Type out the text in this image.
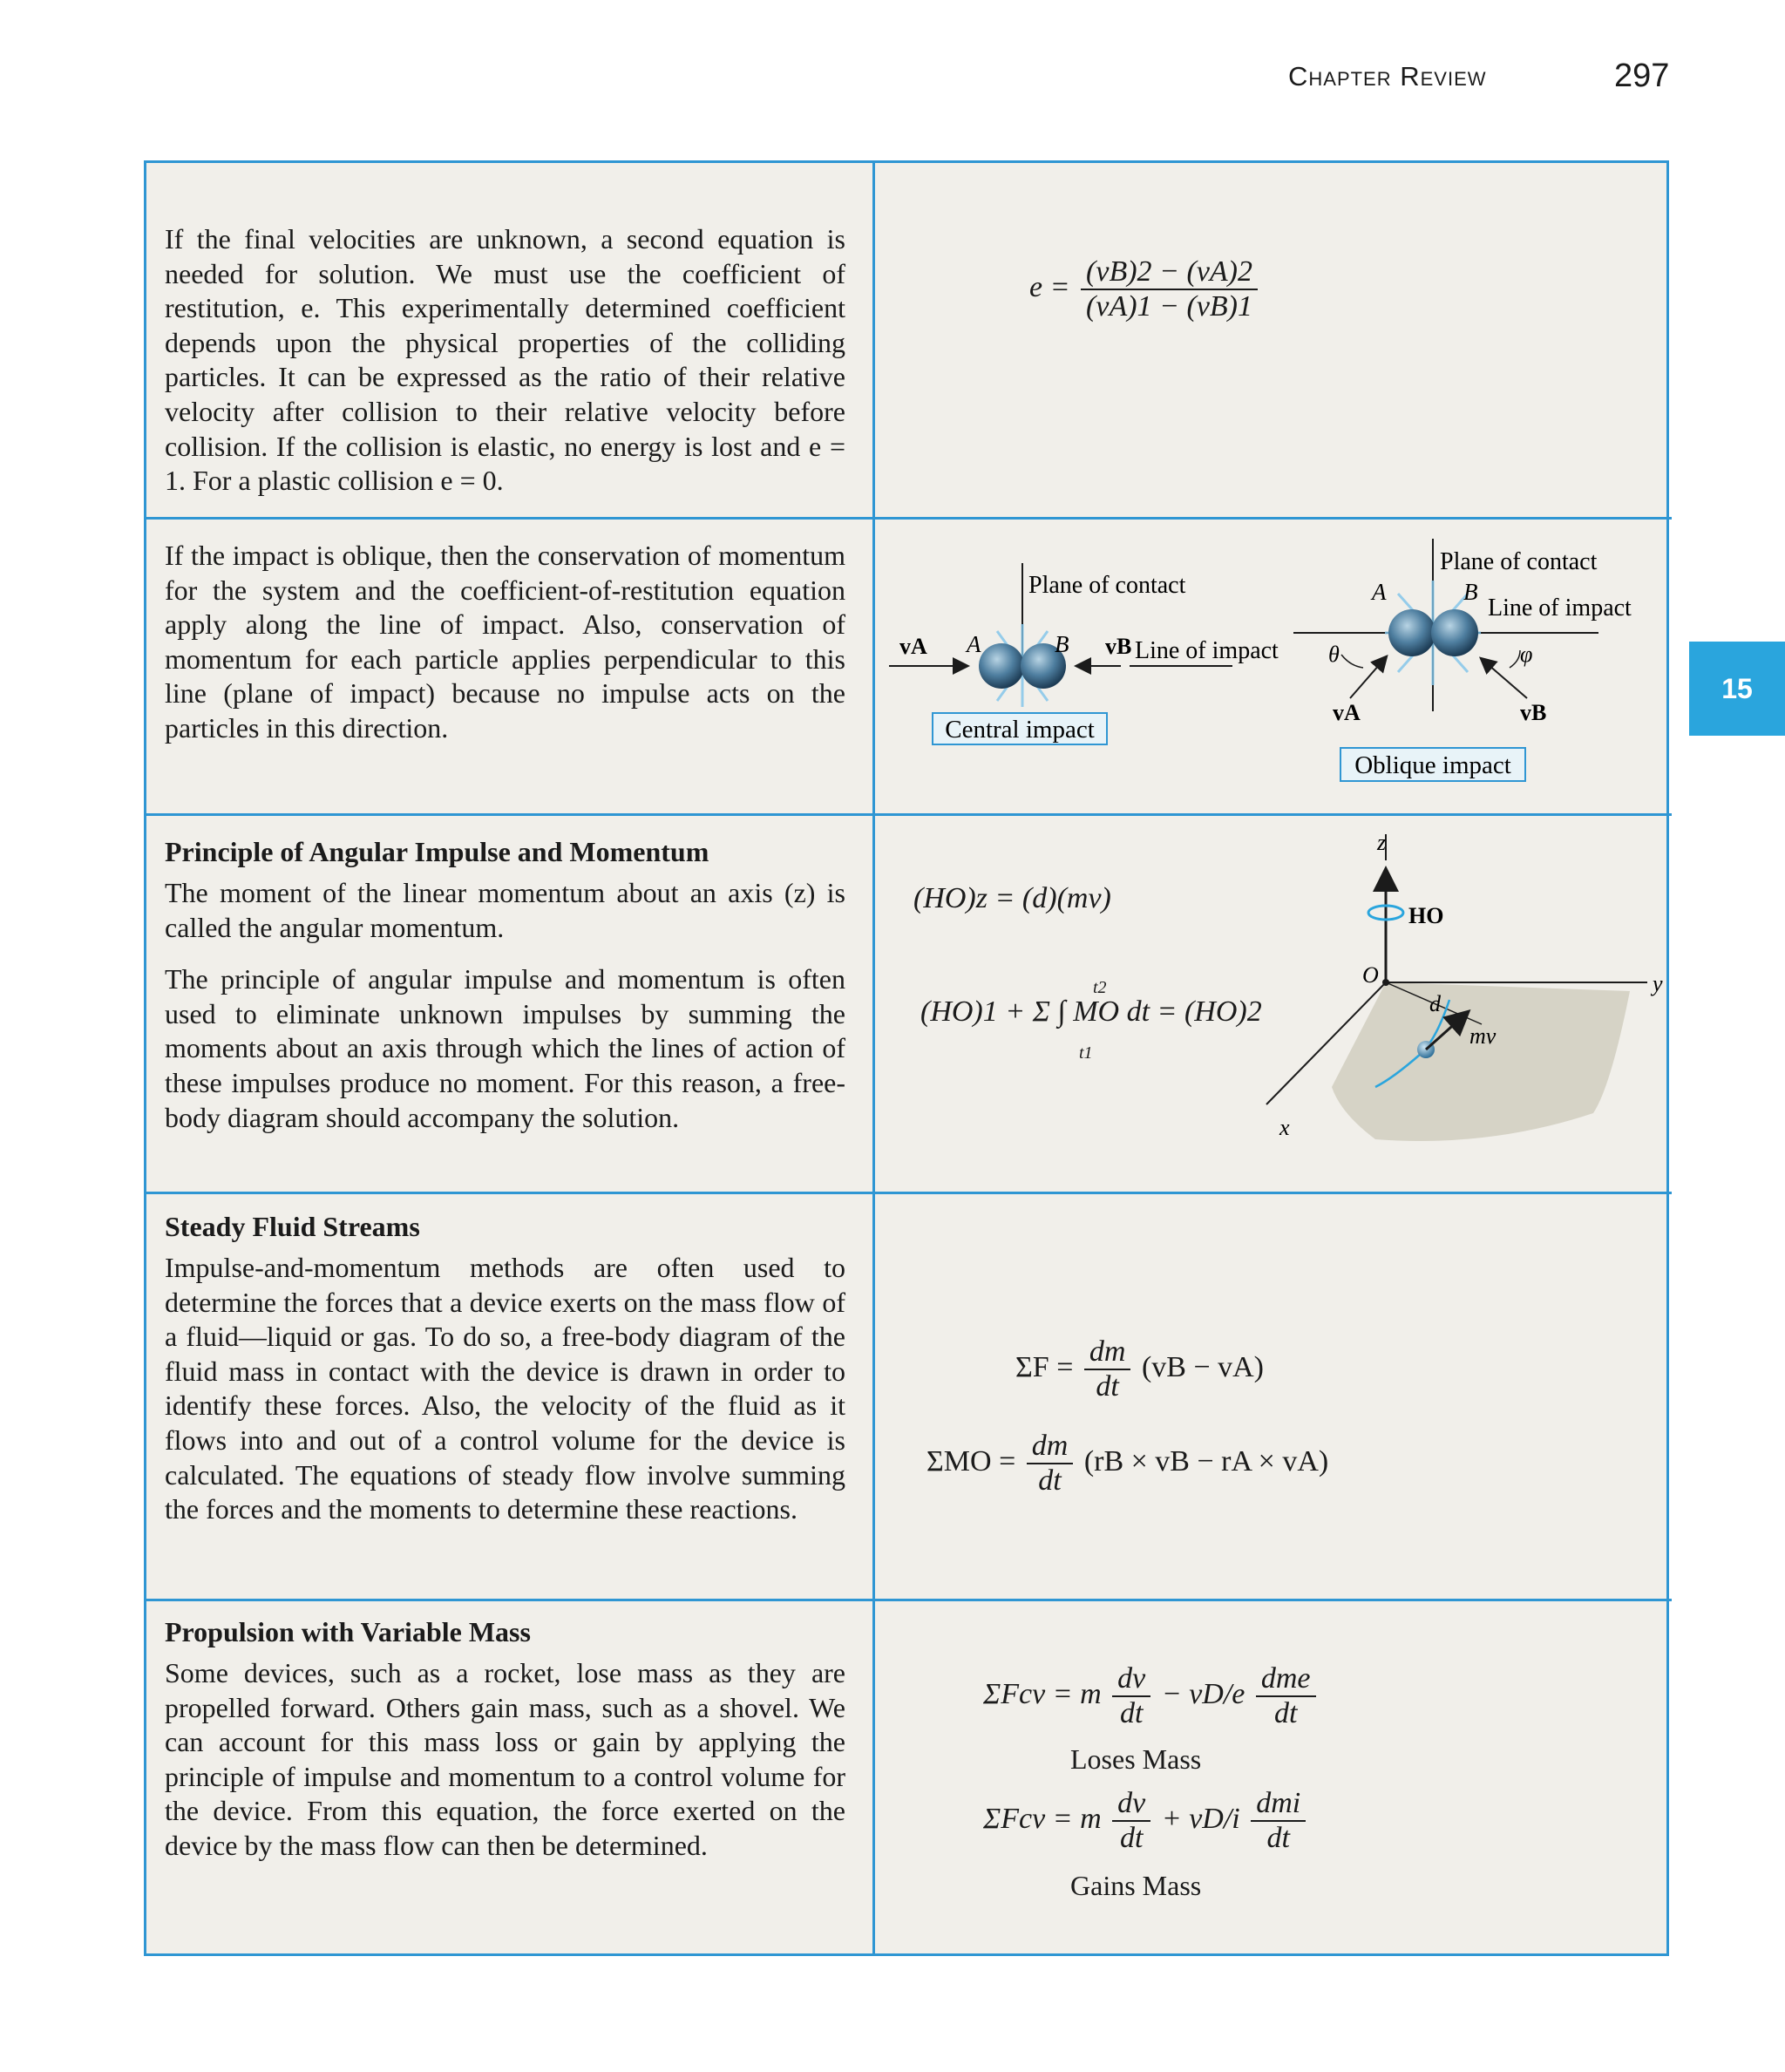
Chapter Review	297
15
If the final velocities are unknown, a second equation is needed for solution. We must use the coefficient of restitution, e. This experimentally determined coefficient depends upon the physical properties of the colliding particles. It can be expressed as the ratio of their relative velocity after collision to their relative velocity before collision. If the collision is elastic, no energy is lost and e = 1. For a plastic collision e = 0.
$e = \frac{(vB)2 - (vA)2}{(vA)1 - (vB)1}$
If the impact is oblique, then the conservation of momentum for the system and the coefficient-of-restitution equation apply along the line of impact. Also, conservation of momentum for each particle applies perpendicular to this line (plane of impact) because no impulse acts on the particles in this direction.
Plane of contact
Line of impact
A	B
vA	vB
Central impact
Plane of contact
Line of impact
A	B
θ	φ
vA	vB
Oblique impact
Principle of Angular Impulse and Momentum

The moment of the linear momentum about an axis (z) is called the angular momentum.

The principle of angular impulse and momentum is often used to eliminate unknown impulses by summing the moments about an axis through which the lines of action of these impulses produce no moment. For this reason, a free-body diagram should accompany the solution.

(HO)z = (d)(mv)
(HO)1 + Σ ∫ MO dt = (HO)2
t2
t1
z
y
x
O
HO
d
mv
Steady Fluid Streams

Impulse-and-momentum methods are often used to determine the forces that a device exerts on the mass flow of a fluid—liquid or gas. To do so, a free-body diagram of the fluid mass in contact with the device is drawn in order to identify these forces. Also, the velocity of the fluid as it flows into and out of a control volume for the device is calculated. The equations of steady flow involve summing the forces and the moments to determine these reactions.

$\Sigma F = \frac{dm}{dt} (vB - vA)$
$\Sigma MO = \frac{dm}{dt} (rB$ × vB − rA × vA)
Propulsion with Variable Mass

Some devices, such as a rocket, lose mass as they are propelled forward. Others gain mass, such as a shovel. We can account for this mass loss or gain by applying the principle of impulse and momentum to a control volume for the device. From this equation, the force exerted on the device by the mass flow can then be determined.

ΣFcv = m $\frac{dv}{dt} - vD/e \frac{\text{dme}}{dt}$
Loses Mass
ΣFcv = m $\frac{dv}{dt} + vD/i \frac{\text{dmi}}{dt}$
Gains Mass
